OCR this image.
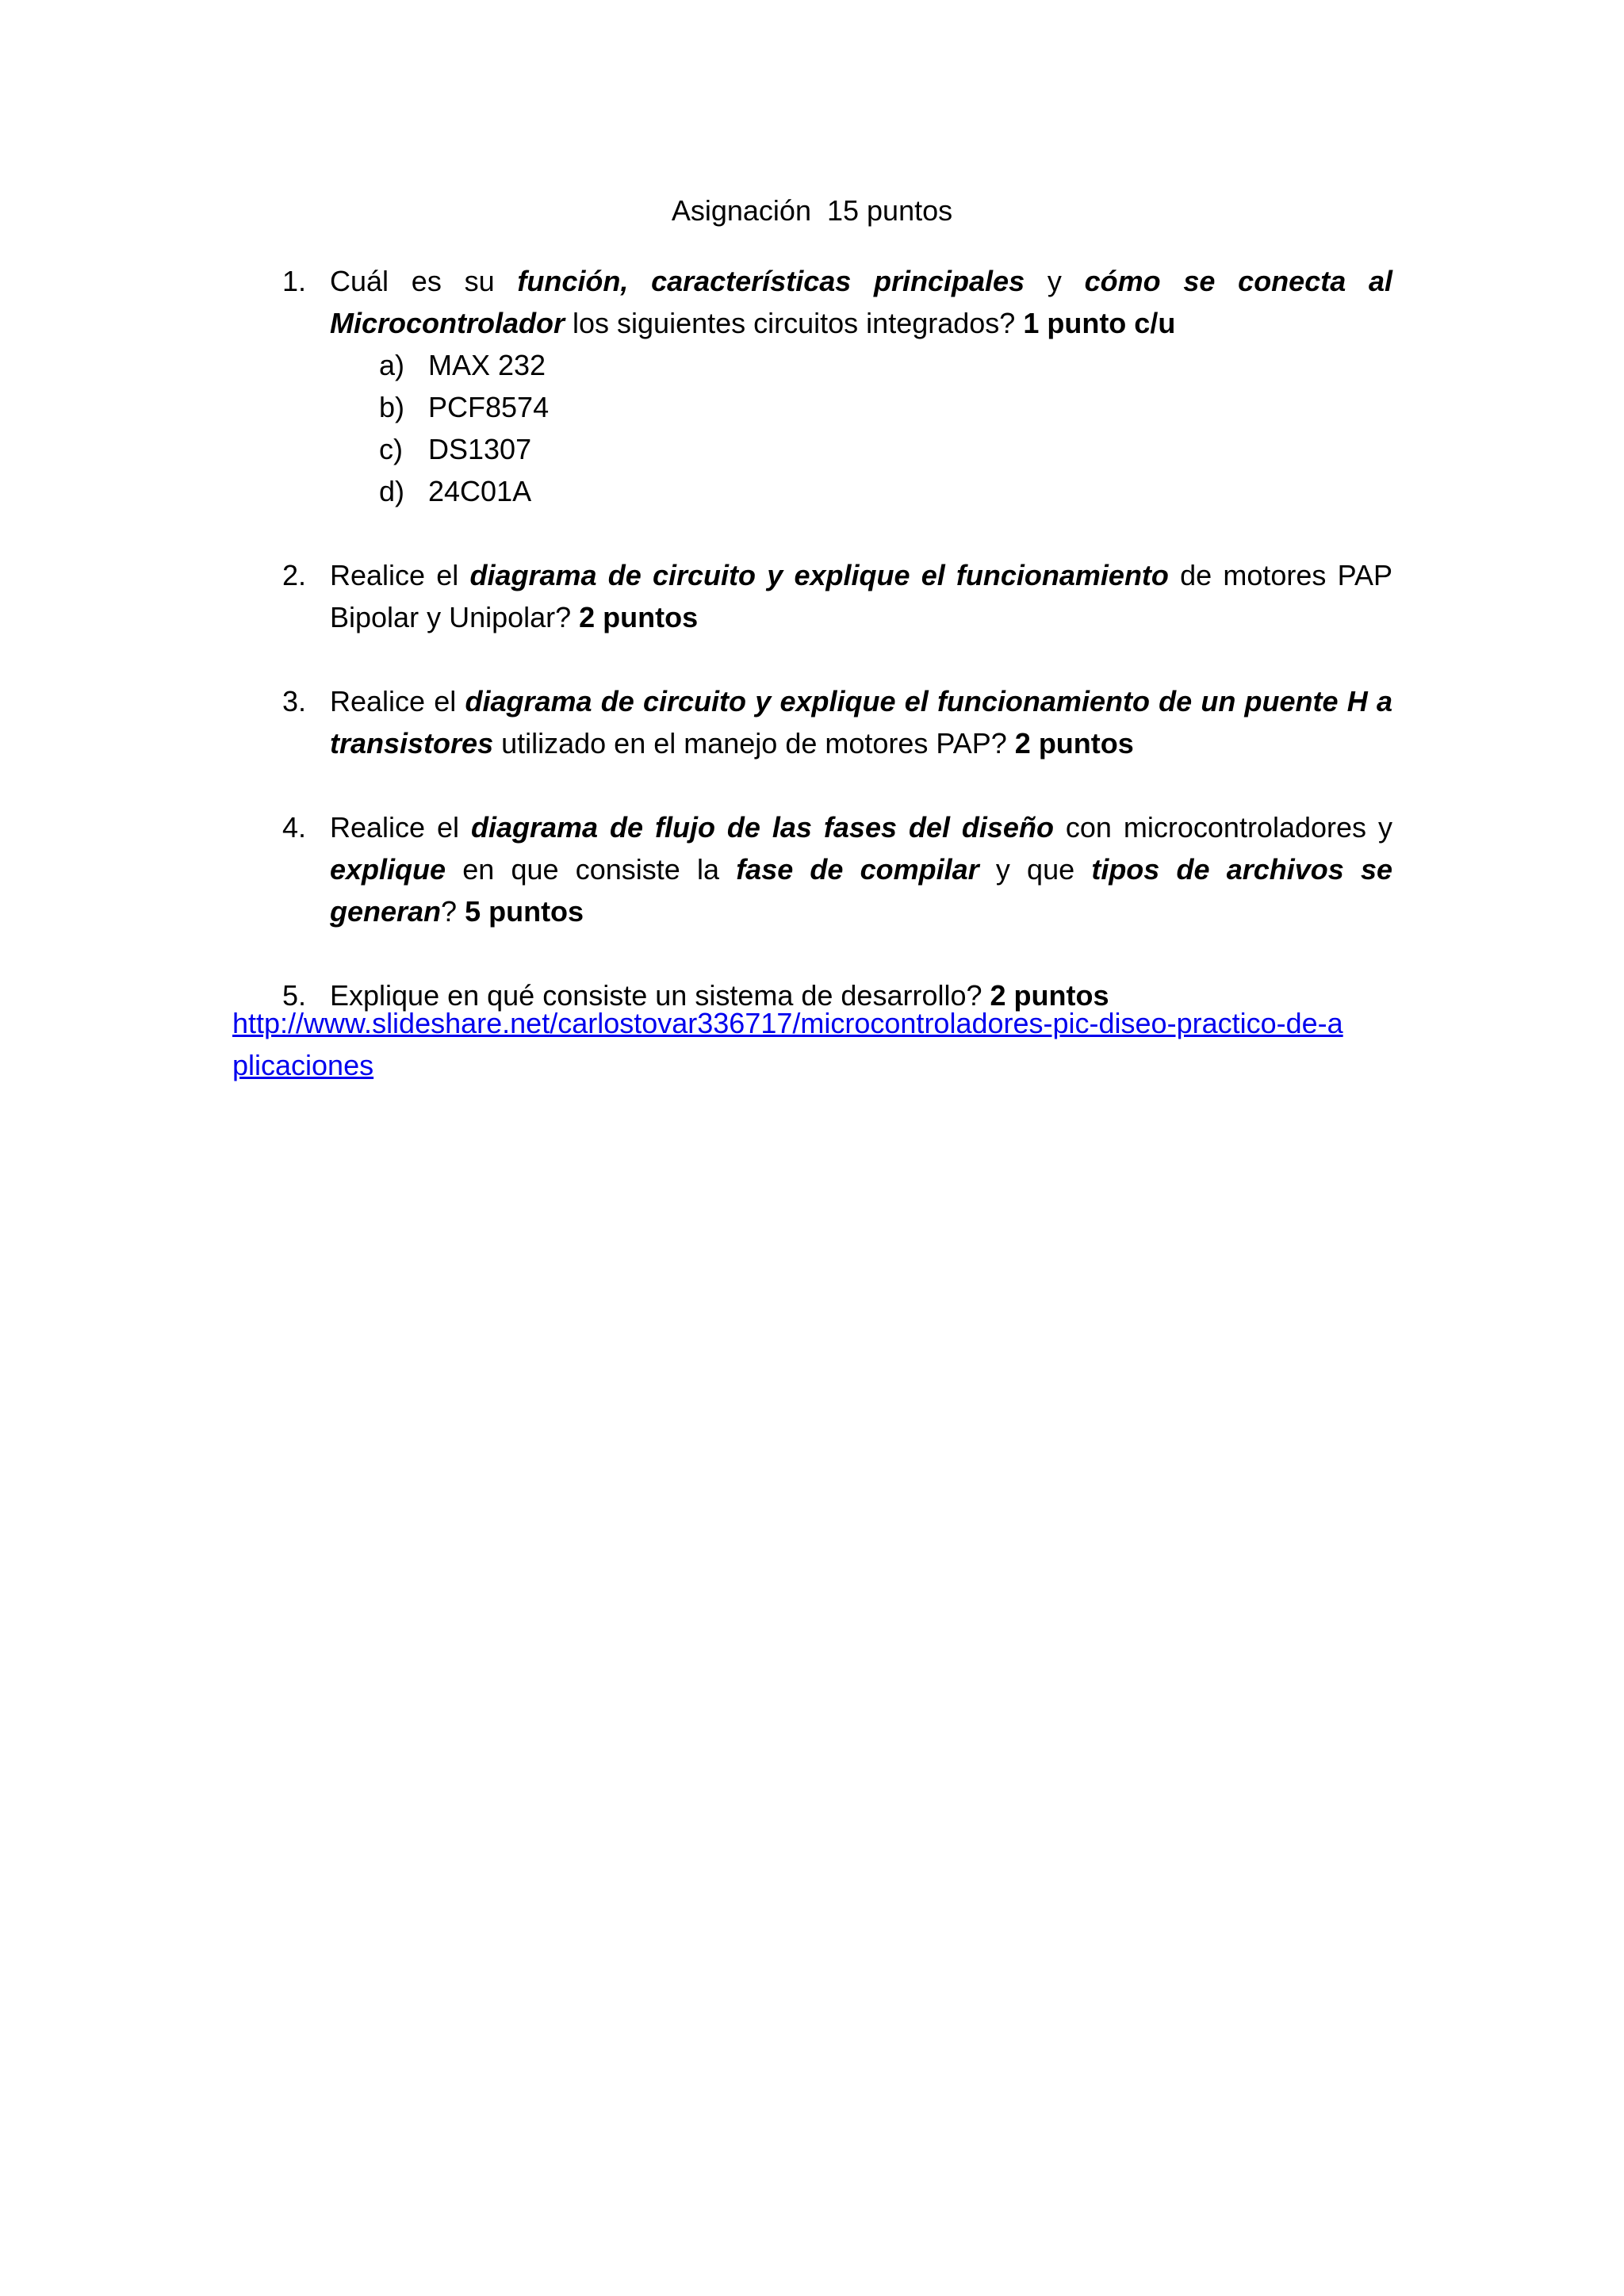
Asignación  15 puntos
1. Cuál es su función, características principales y cómo se conecta al Microcontrolador los siguientes circuitos integrados? 1 punto c/u
a) MAX 232
b) PCF8574
c) DS1307
d) 24C01A
2. Realice el diagrama de circuito y explique el funcionamiento de motores PAP Bipolar y Unipolar? 2 puntos
3. Realice el diagrama de circuito y explique el funcionamiento de un puente H a transistores utilizado en el manejo de motores PAP? 2 puntos
4. Realice el diagrama de flujo de las fases del diseño con microcontroladores y explique en que consiste la fase de compilar y que tipos de archivos se generan? 5 puntos
5. Explique en qué consiste un sistema de desarrollo? 2 puntos
http://www.slideshare.net/carlostovar336717/microcontroladores-pic-diseo-practico-de-aplicaciones
